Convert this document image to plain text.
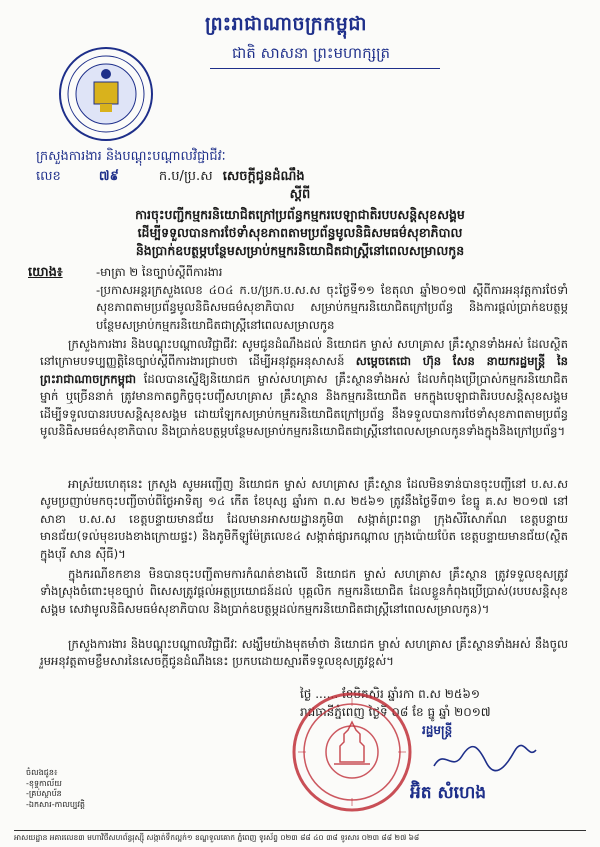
ព្រះរាជាណាចក្រកម្ពុជា
ជាតិ សាសនា ព្រះមហាក្សត្រ
ក្រសួងការងារ និងបណ្ដុះបណ្ដាលវិជ្ជាជីវៈ
លេខ	៧៩	ក.ប/ប្រ.ស សេចក្ដីជូនដំណឹង
ស្ដីពី
ការចុះបញ្ជីកម្មករនិយោជិតក្រៅប្រព័ន្ធកម្មករបេឡាជាតិរបបសន្តិសុខសង្គម
ដើម្បីទទួលបានការថែទាំសុខភាពតាមប្រព័ន្ធមូលនិធិសមធម៌សុខាភិបាល
និងប្រាក់ឧបត្ថម្ភបន្ថែមសម្រាប់កម្មករនិយោជិតជាស្ត្រីនៅពេលសម្រាលកូន
យោង៖	-មាត្រា ២ នៃច្បាប់ស្ដីពីការងារ
-ប្រកាសអន្តរក្រសួងលេខ ៤០៤ ក.ប/ប្រក.ប.ស.ស ចុះថ្ងៃទី១១ ខែតុលា ឆ្នាំ២០១៧ ស្ដីពីការអនុវត្តការថែទាំសុខភាពតាមប្រព័ន្ធមូលនិធិសមធម៌សុខាភិបាល សម្រាប់កម្មករនិយោជិតក្រៅប្រព័ន្ធ និងការផ្ដល់ប្រាក់ឧបត្ថម្ភបន្ថែមសម្រាប់កម្មករនិយោជិតជាស្ត្រីនៅពេលសម្រាលកូន
ក្រសួងការងារ និងបណ្ដុះបណ្ដាលវិជ្ជាជីវៈ សូមជូនដំណឹងដល់ និយោជក ម្ចាស់ សហគ្រាស គ្រឹះស្ថានទាំងអស់ ដែលស្ថិតនៅក្រោមបទប្បញ្ញត្តិនៃច្បាប់ស្ដីពីការងារជ្រាបថា ដើម្បីអនុវត្តអនុសាសន៍ សម្ដេចតេជោ ហ៊ុន សែន នាយករដ្ឋមន្ត្រី នៃព្រះរាជាណាចក្រកម្ពុជា ដែលបានស្នើឱ្យនិយោជក ម្ចាស់សហគ្រាស គ្រឹះស្ថានទាំងអស់ ដែលកំពុងប្រើប្រាស់កម្មករនិយោជិត ម្នាក់ ឬច្រើននាក់ ត្រូវមានកាតព្វកិច្ចចុះបញ្ជីសហគ្រាស គ្រឹះស្ថាន និងកម្មករនិយោជិត មកក្នុងបេឡាជាតិរបបសន្តិសុខសង្គម ដើម្បីទទួលបានរបបសន្តិសុខសង្គម ដោយឡែកសម្រាប់កម្មករនិយោជិតក្រៅប្រព័ន្ធ នឹងទទួលបានការថែទាំសុខភាពតាមប្រព័ន្ធមូលនិធិសមធម៌សុខាភិបាល និងប្រាក់ឧបត្ថម្ភបន្ថែមសម្រាប់កម្មករនិយោជិតជាស្ត្រីនៅពេលសម្រាលកូនទាំងក្នុងនិងក្រៅប្រព័ន្ធ។
អាស្រ័យហេតុនេះ ក្រសួង សូមអញ្ជើញ និយោជក ម្ចាស់ សហគ្រាស គ្រឹះស្ថាន ដែលមិនទាន់បានចុះបញ្ជីនៅ ប.ស.ស សូមប្រញាប់មកចុះបញ្ជីចាប់ពីថ្ងៃអាទិត្យ ១៤ កើត ខែបុស្ស ឆ្នាំរកា ព.ស ២៥៦១ ត្រូវនឹងថ្ងៃទី៣១ ខែធ្នូ គ.ស ២០១៧ នៅសាខា ប.ស.ស ខេត្តបន្ទាយមានជ័យ ដែលមានអាសយដ្ឋានភូមិ៣ សង្កាត់ព្រះពន្លា ក្រុងសិរីសោភ័ណ ខេត្តបន្ទាយមានជ័យ(ទល់មុខរបងខាងក្រោយផ្ទះ) និងភូមិកីឡូម៉ែត្រលេខ៤ សង្កាត់ផ្សារកណ្ដាល ក្រុងប៉ោយប៉ែត ខេត្តបន្ទាយមានជ័យ(ស្ថិតក្នុងបុរី សាន ស៊ីធី)។
ក្នុងករណីខកខាន មិនបានចុះបញ្ជីតាមការកំណត់ខាងលើ និយោជក ម្ចាស់ សហគ្រាស គ្រឹះស្ថាន ត្រូវទទួលខុសត្រូវទាំងស្រុងចំពោះមុខច្បាប់ ពិសេសត្រូវផ្ដល់អត្ថប្រយោជន៍ដល់ បុគ្គលិក កម្មករនិយោជិត ដែលខ្លួនកំពុងប្រើប្រាស់(របបសន្តិសុខសង្គម សេវាមូលនិធិសមធម៌សុខាភិបាល និងប្រាក់ឧបត្ថម្ភដល់កម្មករនិយោជិតជាស្ត្រីនៅពេលសម្រាលកូន)។
ក្រសួងការងារ និងបណ្ដុះបណ្ដាលវិជ្ជាជីវៈ សង្ឃឹមយ៉ាងមុតមាំថា និយោជក ម្ចាស់ សហគ្រាស គ្រឹះស្ថានទាំងអស់ នឹងចូលរួមអនុវត្តតាមខ្លឹមសារនៃសេចក្ដីជូនដំណឹងនេះ ប្រកបដោយស្មារតីទទួលខុសត្រូវខ្ពស់។
ថ្ងៃ ...... ខែមិគសិរ ឆ្នាំរកា ព.ស ២៥៦១
រាជធានីភ្នំពេញ ថ្ងៃទី ០៨ ខែ ធ្នូ ឆ្នាំ ២០១៧
រដ្ឋមន្ត្រី
អ៊ិត សំហេង
ចំលងជូន៖
-ខុទ្ទកាល័យ
-គ្រប់ស្ថាប័ន
-ឯកសារ-កាលប្បវត្តិ
អាសយដ្ឋាន អគារលេខ៣ មហាវិថីសហព័ន្ធរុស្ស៊ី សង្កាត់ទឹកល្អក់១ ខណ្ឌទួលគោក ភ្នំពេញ ទូរស័ព្ទ ០២៣ ៨៨ ៤០ ៣៨ ទូរសារ ០២៣ ៨៨ ២៧ ៦៨
